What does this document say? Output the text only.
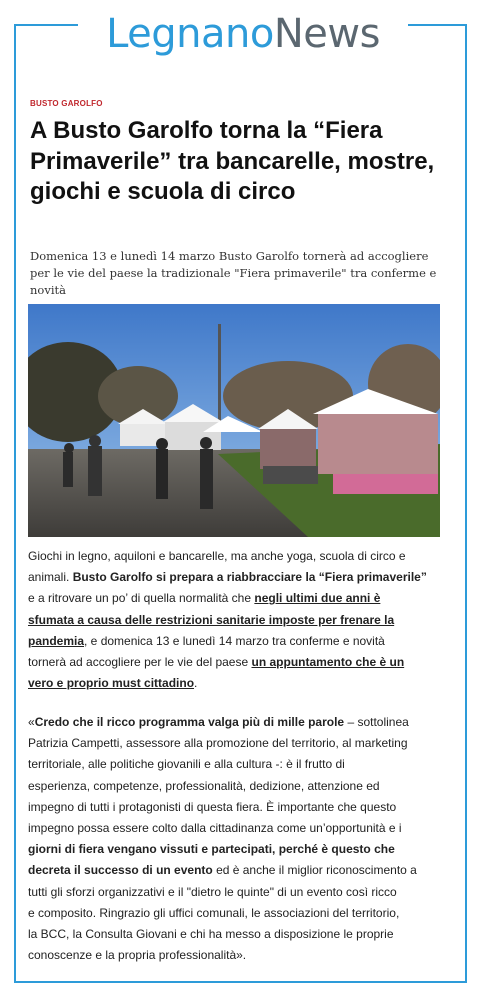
LegnanoNews
BUSTO GAROLFO
A Busto Garolfo torna la “Fiera Primaverile” tra bancarelle, mostre, giochi e scuola di circo

Domenica 13 e lunedì 14 marzo Busto Garolfo tornerà ad accogliere per le vie del paese la tradizionale "Fiera primaverile" tra conferme e novità

Giochi in legno, aquiloni e bancarelle, ma anche yoga, scuola di circo e
animali. Busto Garolfo si prepara a riabbracciare la “Fiera primaverile”
e a ritrovare un po’ di quella normalità che negli ultimi due anni è
sfumata a causa delle restrizioni sanitarie imposte per frenare la
pandemia, e domenica 13 e lunedì 14 marzo tra conferme e novità
tornerà ad accogliere per le vie del paese un appuntamento che è un
vero e proprio must cittadino.
«Credo che il ricco programma valga più di mille parole – sottolinea
Patrizia Campetti, assessore alla promozione del territorio, al marketing
territoriale, alle politiche giovanili e alla cultura -: è il frutto di
esperienza, competenze, professionalità, dedizione, attenzione ed
impegno di tutti i protagonisti di questa fiera. È importante che questo
impegno possa essere colto dalla cittadinanza come un’opportunità e i
giorni di fiera vengano vissuti e partecipati, perché è questo che
decreta il successo di un evento ed è anche il miglior riconoscimento a
tutti gli sforzi organizzativi e il "dietro le quinte" di un evento così ricco
e composito. Ringrazio gli uffici comunali, le associazioni del territorio,
la BCC, la Consulta Giovani e chi ha messo a disposizione le proprie
conoscenze e la propria professionalità».
